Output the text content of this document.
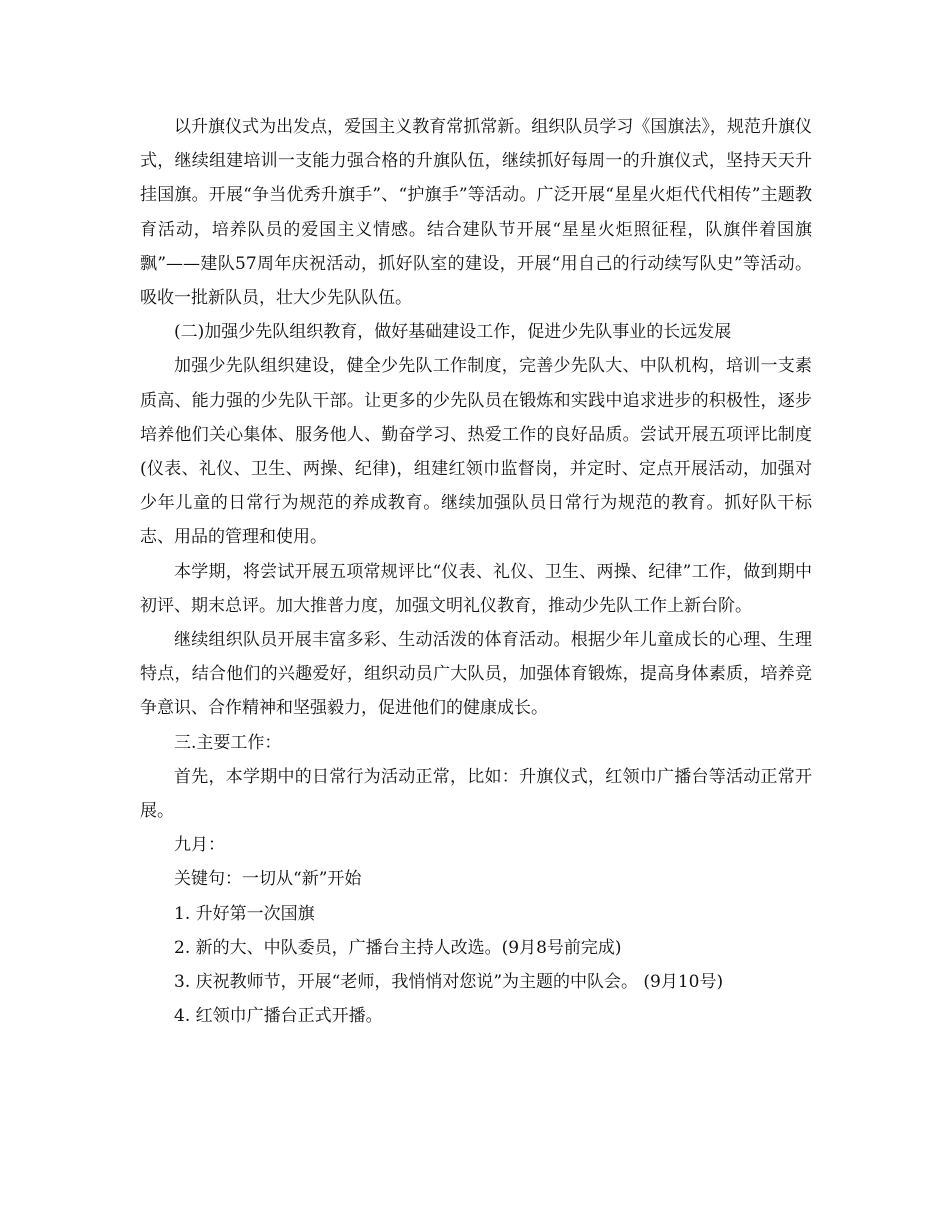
以升旗仪式为出发点，爱国主义教育常抓常新。组织队员学习《国旗法》，规范升旗仪式，继续组建培训一支能力强合格的升旗队伍，继续抓好每周一的升旗仪式，坚持天天升挂国旗。开展“争当优秀升旗手”、“护旗手”等活动。广泛开展“星星火炬代代相传”主题教育活动，培养队员的爱国主义情感。结合建队节开展“星星火炬照征程，队旗伴着国旗飘”——建队57周年庆祝活动，抓好队室的建设，开展“用自己的行动续写队史”等活动。吸收一批新队员，壮大少先队队伍。

(二)加强少先队组织教育，做好基础建设工作，促进少先队事业的长远发展

加强少先队组织建设，健全少先队工作制度，完善少先队大、中队机构，培训一支素质高、能力强的少先队干部。让更多的少先队员在锻炼和实践中追求进步的积极性，逐步培养他们关心集体、服务他人、勤奋学习、热爱工作的良好品质。尝试开展五项评比制度(仪表、礼仪、卫生、两操、纪律)，组建红领巾监督岗，并定时、定点开展活动，加强对少年儿童的日常行为规范的养成教育。继续加强队员日常行为规范的教育。抓好队干标志、用品的管理和使用。

本学期，将尝试开展五项常规评比“仪表、礼仪、卫生、两操、纪律”工作，做到期中初评、期末总评。加大推普力度，加强文明礼仪教育，推动少先队工作上新台阶。

继续组织队员开展丰富多彩、生动活泼的体育活动。根据少年儿童成长的心理、生理特点，结合他们的兴趣爱好，组织动员广大队员，加强体育锻炼，提高身体素质，培养竞争意识、合作精神和坚强毅力，促进他们的健康成长。

三.主要工作：

首先，本学期中的日常行为活动正常，比如：升旗仪式，红领巾广播台等活动正常开展。

九月：

关键句：一切从“新”开始

1. 升好第一次国旗

2. 新的大、中队委员，广播台主持人改选。(9月8号前完成)

3. 庆祝教师节，开展“老师，我悄悄对您说”为主题的中队会。 (9月10号)

4. 红领巾广播台正式开播。
